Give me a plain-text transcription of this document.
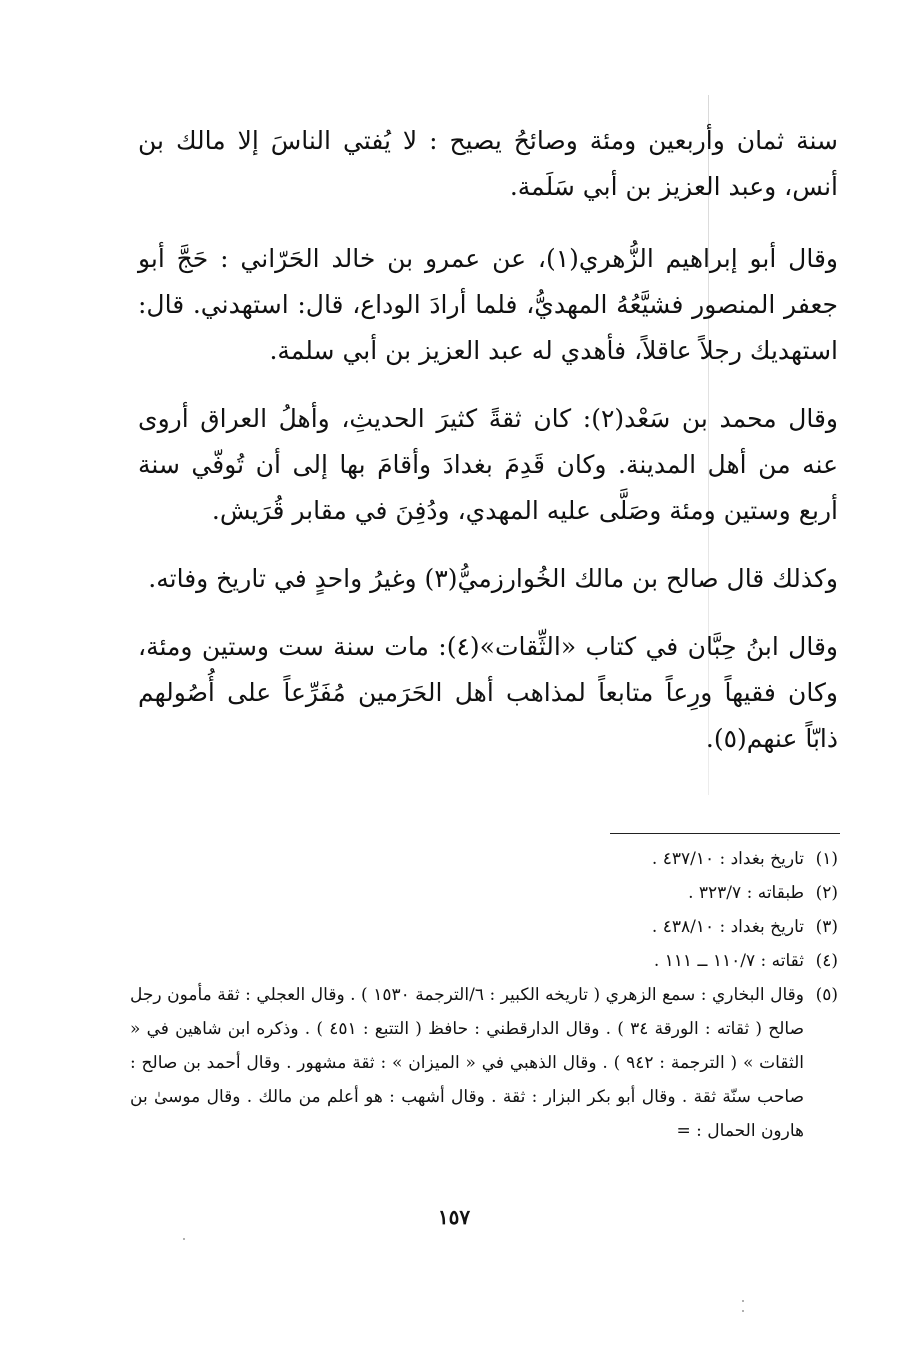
سنة ثمان وأربعين ومئة وصائحُ يصيح : لا يُفتي الناسَ إلا مالك بن أنس، وعبد العزيز بن أبي سَلَمة.

وقال أبو إبراهيم الزُّهري(١)، عن عمرو بن خالد الحَرّاني : حَجَّ أبو جعفر المنصور فشيَّعُهُ المهديُّ، فلما أرادَ الوداع، قال: استهدني. قال: استهديك رجلاً عاقلاً، فأهدي له عبد العزيز بن أبي سلمة.

وقال محمد بن سَعْد(٢): كان ثقةً كثيرَ الحديثِ، وأهلُ العراق أروى عنه من أهل المدينة. وكان قَدِمَ بغدادَ وأقامَ بها إلى أن تُوفّي سنة أربع وستين ومئة وصَلَّى عليه المهدي، ودُفِنَ في مقابر قُرَيش.

وكذلك قال صالح بن مالك الخُوارزميُّ(٣) وغيرُ واحدٍ في تاريخ وفاته.

وقال ابنُ حِبَّان في كتاب «الثِّقات»(٤): مات سنة ست وستين ومئة، وكان فقيهاً ورِعاً متابعاً لمذاهب أهل الحَرَمين مُفَرِّعاً على أُصُولهم ذابّاً عنهم(٥).

(١)
تاريخ بغداد : ٤٣٧/١٠ .
(٢)
طبقاته : ٣٢٣/٧ .
(٣)
تاريخ بغداد : ٤٣٨/١٠ .
(٤)
ثقاته : ١١٠/٧ ــ ١١١ .
(٥)
وقال البخاري : سمع الزهري ( تاريخه الكبير : ٦/الترجمة ١٥٣٠ ) . وقال العجلي : ثقة مأمون رجل صالح ( ثقاته : الورقة ٣٤ ) . وقال الدارقطني : حافظ ( التتبع : ٤٥١ ) . وذكره ابن شاهين في « الثقات » ( الترجمة : ٩٤٢ ) . وقال الذهبي في « الميزان » : ثقة مشهور . وقال أحمد بن صالح : صاحب سنّة ثقة . وقال أبو بكر البزار : ثقة . وقال أشهب : هو أعلم من مالك . وقال موسىٰ بن هارون الحمال : =
١٥٧
